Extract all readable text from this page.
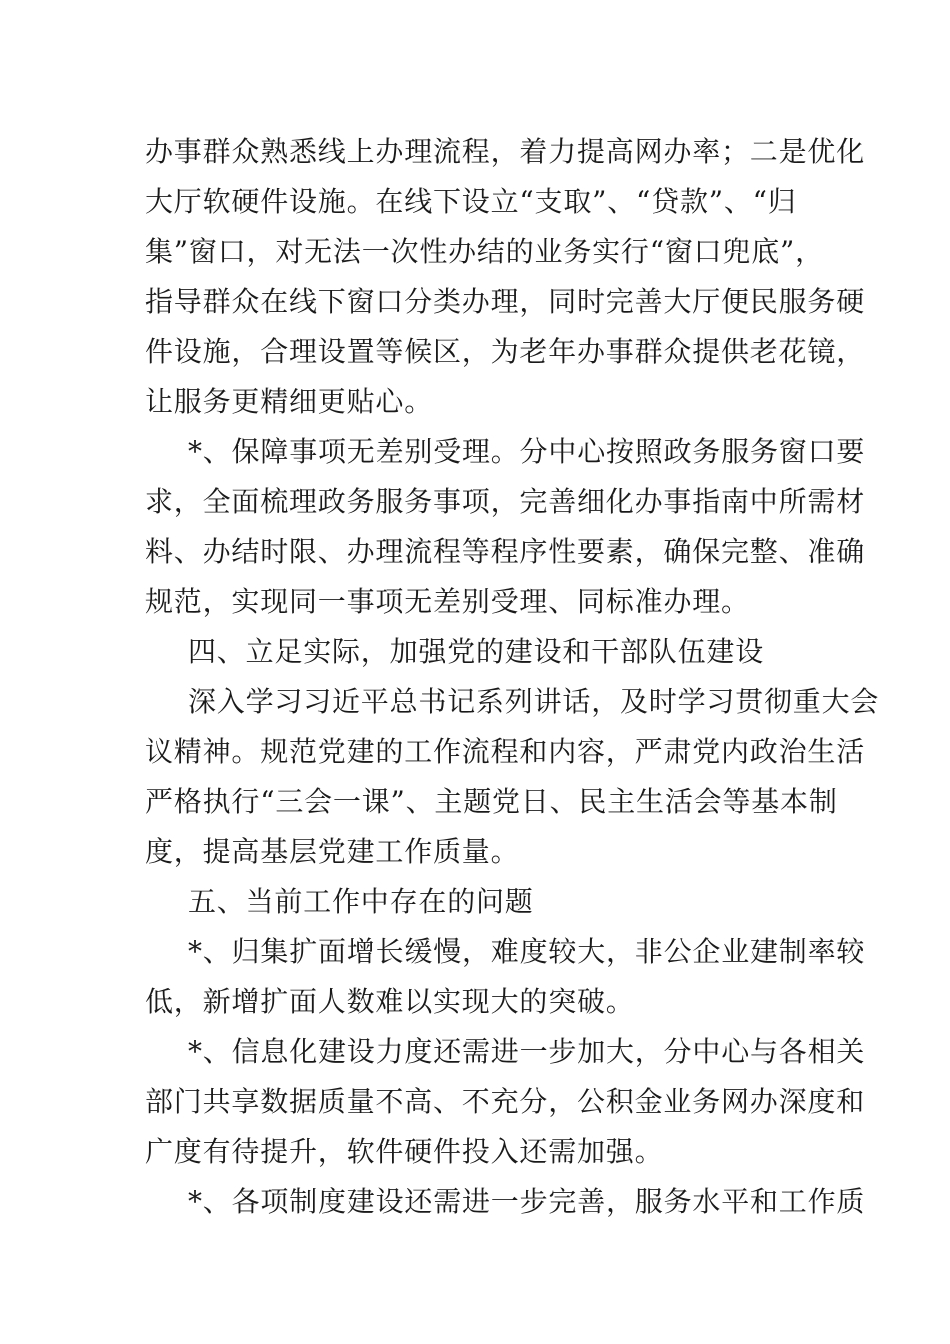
办事群众熟悉线上办理流程，着力提高网办率；二是优化
大厅软硬件设施。在线下设立“支取”、“贷款”、“归
集”窗口，对无法一次性办结的业务实行“窗口兜底”，
指导群众在线下窗口分类办理，同时完善大厅便民服务硬
件设施，合理设置等候区，为老年办事群众提供老花镜，
让服务更精细更贴心。
*、保障事项无差别受理。分中心按照政务服务窗口要
求，全面梳理政务服务事项，完善细化办事指南中所需材
料、办结时限、办理流程等程序性要素，确保完整、准确
规范，实现同一事项无差别受理、同标准办理。
四、立足实际，加强党的建设和干部队伍建设
深入学习习近平总书记系列讲话，及时学习贯彻重大会
议精神。规范党建的工作流程和内容，严肃党内政治生活
严格执行“三会一课”、主题党日、民主生活会等基本制
度，提高基层党建工作质量。
五、当前工作中存在的问题
*、归集扩面增长缓慢，难度较大，非公企业建制率较
低，新增扩面人数难以实现大的突破。
*、信息化建设力度还需进一步加大，分中心与各相关
部门共享数据质量不高、不充分，公积金业务网办深度和
广度有待提升，软件硬件投入还需加强。
*、各项制度建设还需进一步完善，服务水平和工作质
